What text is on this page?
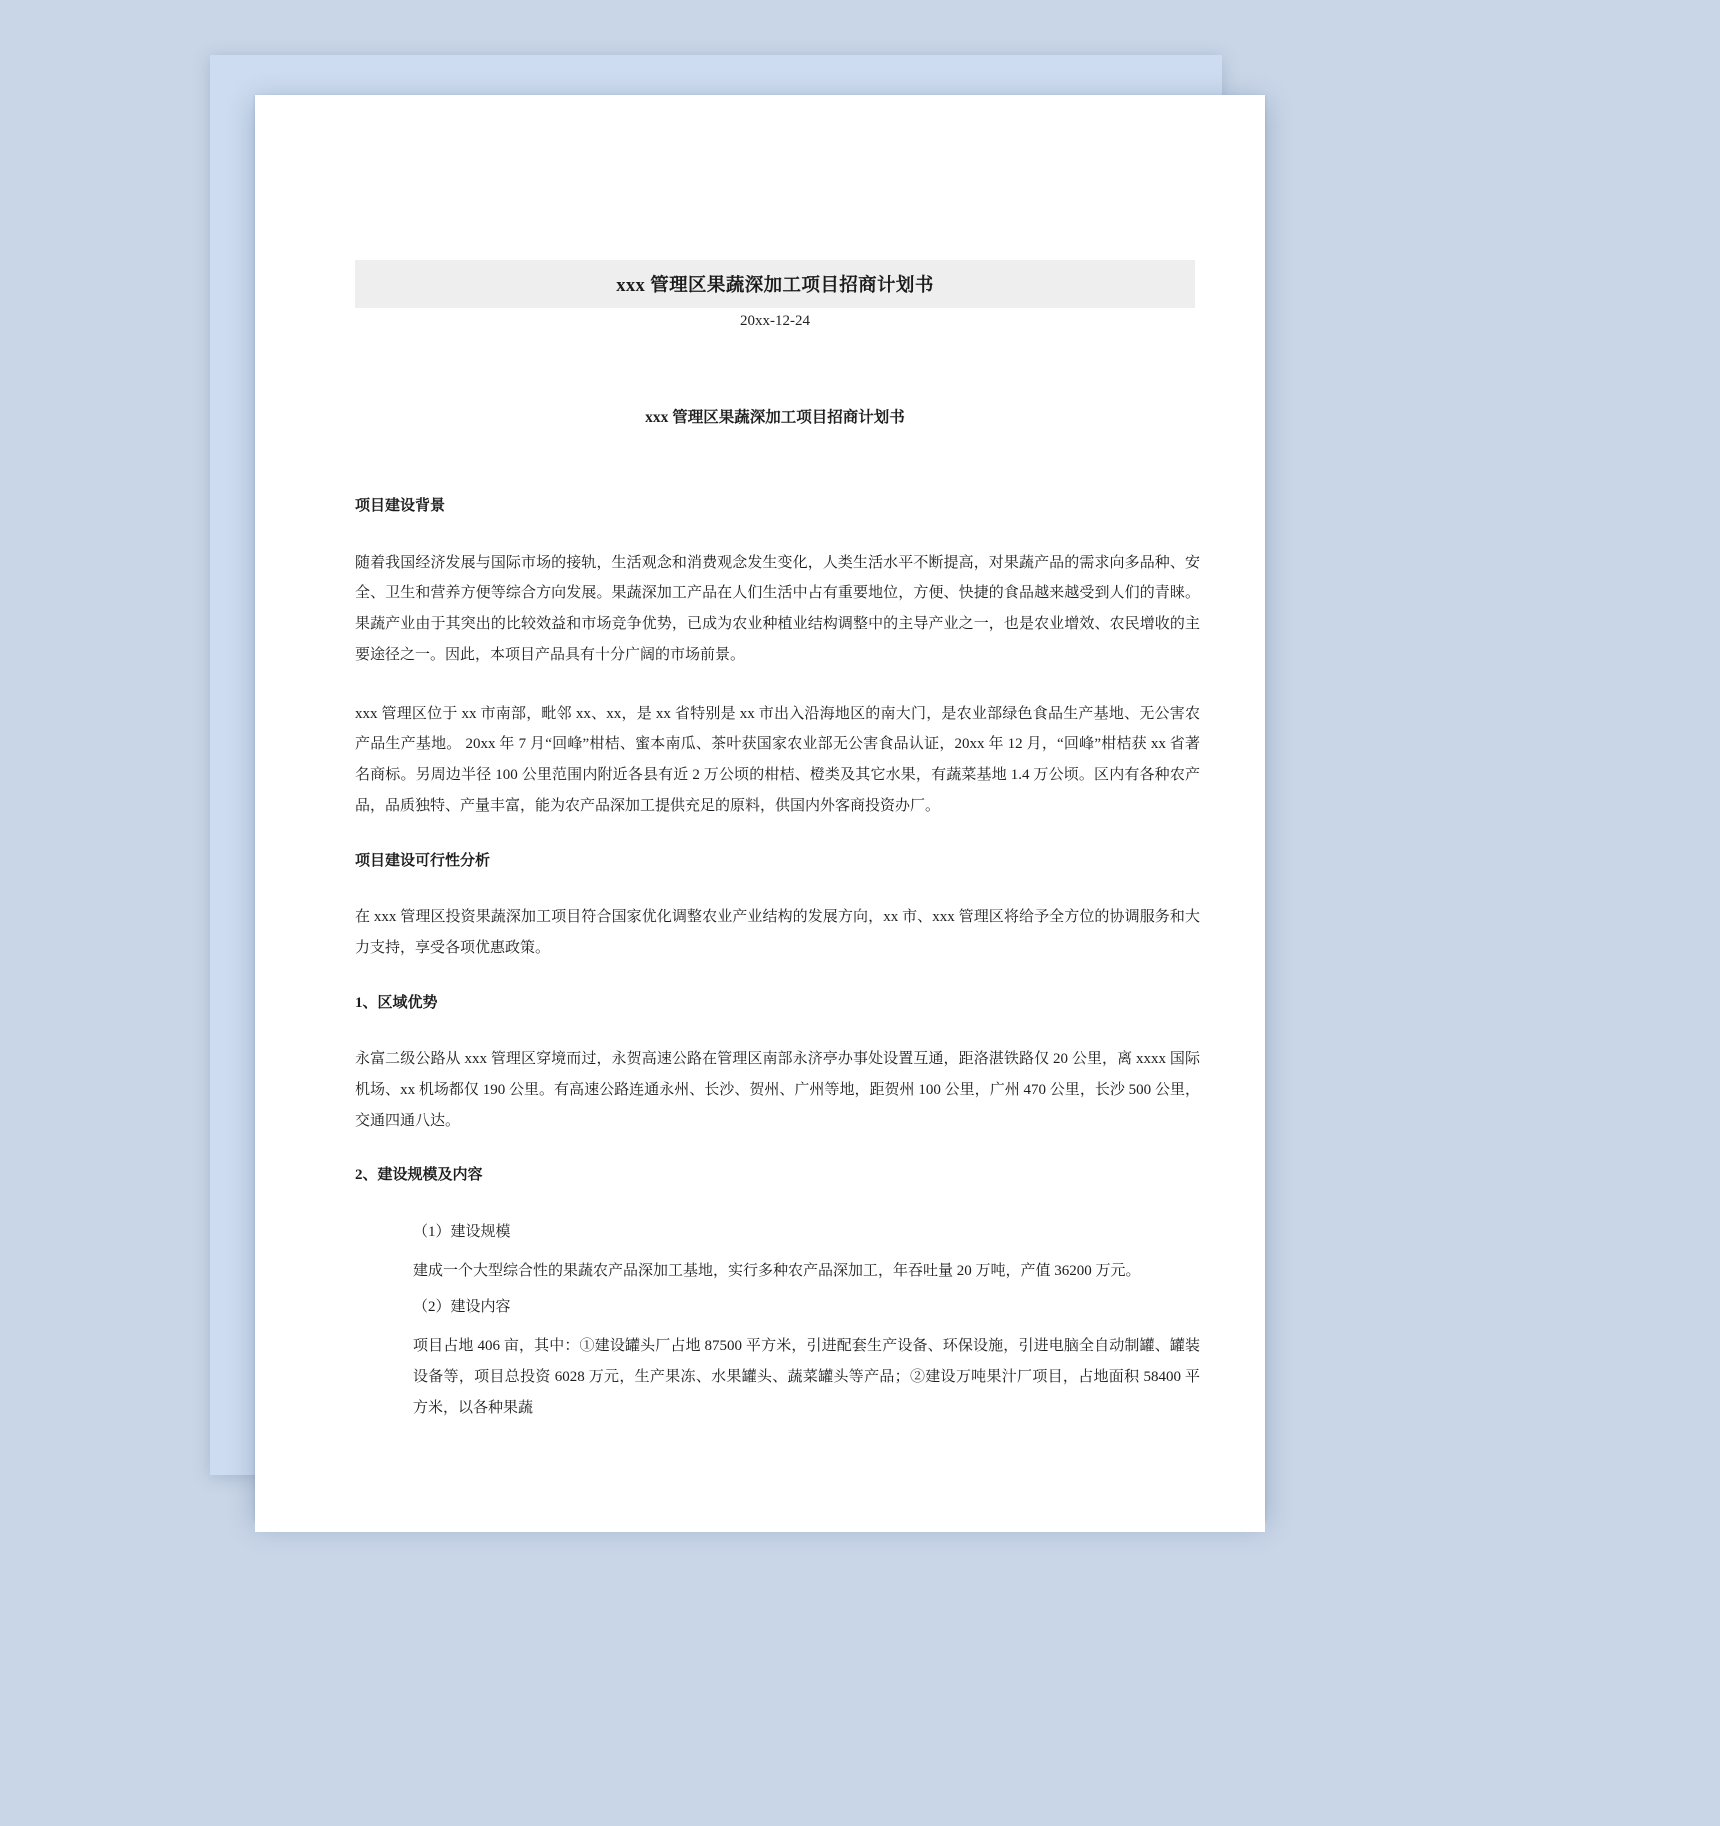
xxx 管理区果蔬深加工项目招商计划书
20xx-12-24
xxx 管理区果蔬深加工项目招商计划书

项目建设背景

随着我国经济发展与国际市场的接轨，生活观念和消费观念发生变化，人类生活水平不断提高，对果蔬产品的需求向多品种、安全、卫生和营养方便等综合方向发展。果蔬深加工产品在人们生活中占有重要地位，方便、快捷的食品越来越受到人们的青睐。果蔬产业由于其突出的比较效益和市场竞争优势，已成为农业种植业结构调整中的主导产业之一，也是农业增效、农民增收的主要途径之一。因此，本项目产品具有十分广阔的市场前景。

xxx 管理区位于 xx 市南部，毗邻 xx、xx，是 xx 省特别是 xx 市出入沿海地区的南大门，是农业部绿色食品生产基地、无公害农产品生产基地。 20xx 年 7 月“回峰”柑桔、蜜本南瓜、茶叶获国家农业部无公害食品认证，20xx 年 12 月，“回峰”柑桔获 xx 省著名商标。另周边半径 100 公里范围内附近各县有近 2 万公顷的柑桔、橙类及其它水果，有蔬菜基地 1.4 万公顷。区内有各种农产品，品质独特、产量丰富，能为农产品深加工提供充足的原料，供国内外客商投资办厂。

项目建设可行性分析

在 xxx 管理区投资果蔬深加工项目符合国家优化调整农业产业结构的发展方向，xx 市、xxx 管理区将给予全方位的协调服务和大力支持，享受各项优惠政策。

1、区域优势

永富二级公路从 xxx 管理区穿境而过，永贺高速公路在管理区南部永济亭办事处设置互通，距洛湛铁路仅 20 公里，离 xxxx 国际机场、xx 机场都仅 190 公里。有高速公路连通永州、长沙、贺州、广州等地，距贺州 100 公里，广州 470 公里，长沙 500 公里，交通四通八达。

2、建设规模及内容

（1）建设规模

建成一个大型综合性的果蔬农产品深加工基地，实行多种农产品深加工，年吞吐量 20 万吨，产值 36200 万元。

（2）建设内容

项目占地 406 亩，其中：①建设罐头厂占地 87500 平方米，引进配套生产设备、环保设施，引进电脑全自动制罐、罐装设备等，项目总投资 6028 万元，生产果冻、水果罐头、蔬菜罐头等产品；②建设万吨果汁厂项目，占地面积 58400 平方米，以各种果蔬
